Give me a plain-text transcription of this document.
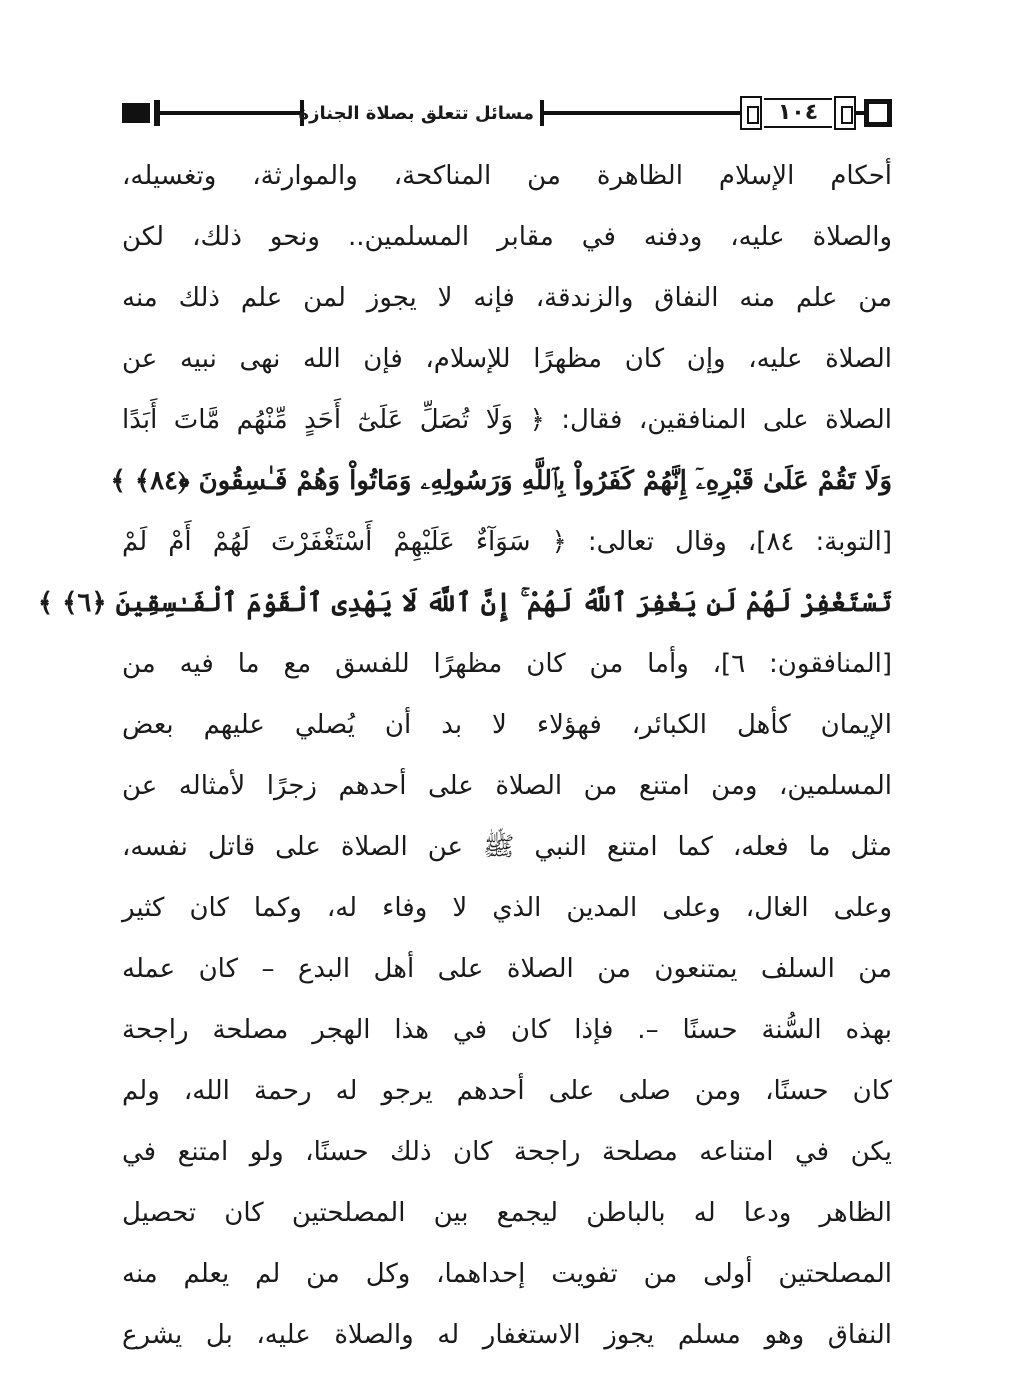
مسائل تتعلق بصلاة الجنازة	١٠٤
أحكام الإسلام الظاهرة من المناكحة، والموارثة، وتغسيله،
والصلاة عليه، ودفنه في مقابر المسلمين.. ونحو ذلك، لكن
من علم منه النفاق والزندقة، فإنه لا يجوز لمن علم ذلك منه
الصلاة عليه، وإن كان مظهرًا للإسلام، فإن الله نهى نبيه عن
الصلاة على المنافقين، فقال: ﴿ وَلَا تُصَلِّ عَلَىٰٓ أَحَدٍ مِّنْهُم مَّاتَ أَبَدًا
وَلَا تَقُمْ عَلَىٰ قَبْرِهِۦٓ إِنَّهُمْ كَفَرُواْ بِٱللَّهِ وَرَسُولِهِۦ وَمَاتُواْ وَهُمْ فَـٰسِقُونَ ﴿٨٤﴾ ﴾
[التوبة: ٨٤]، وقال تعالى: ﴿ سَوَآءٌ عَلَيْهِمْ أَسْتَغْفَرْتَ لَهُمْ أَمْ لَمْ
تَسْتَغْفِرْ لَهُمْ لَن يَغْفِرَ ٱللَّهُ لَهُمْ ۚ إِنَّ ٱللَّهَ لَا يَهْدِى ٱلْقَوْمَ ٱلْفَـٰسِقِينَ ﴿٦﴾ ﴾
[المنافقون: ٦]، وأما من كان مظهرًا للفسق مع ما فيه من
الإيمان كأهل الكبائر، فهؤلاء لا بد أن يُصلي عليهم بعض
المسلمين، ومن امتنع من الصلاة على أحدهم زجرًا لأمثاله عن
مثل ما فعله، كما امتنع النبي ﷺ عن الصلاة على قاتل نفسه،
وعلى الغال، وعلى المدين الذي لا وفاء له، وكما كان كثير
من السلف يمتنعون من الصلاة على أهل البدع – كان عمله
بهذه السُّنة حسنًا –. فإذا كان في هذا الهجر مصلحة راجحة
كان حسنًا، ومن صلى على أحدهم يرجو له رحمة الله، ولم
يكن في امتناعه مصلحة راجحة كان ذلك حسنًا، ولو امتنع في
الظاهر ودعا له بالباطن ليجمع بين المصلحتين كان تحصيل
المصلحتين أولى من تفويت إحداهما، وكل من لم يعلم منه
النفاق وهو مسلم يجوز الاستغفار له والصلاة عليه، بل يشرع
